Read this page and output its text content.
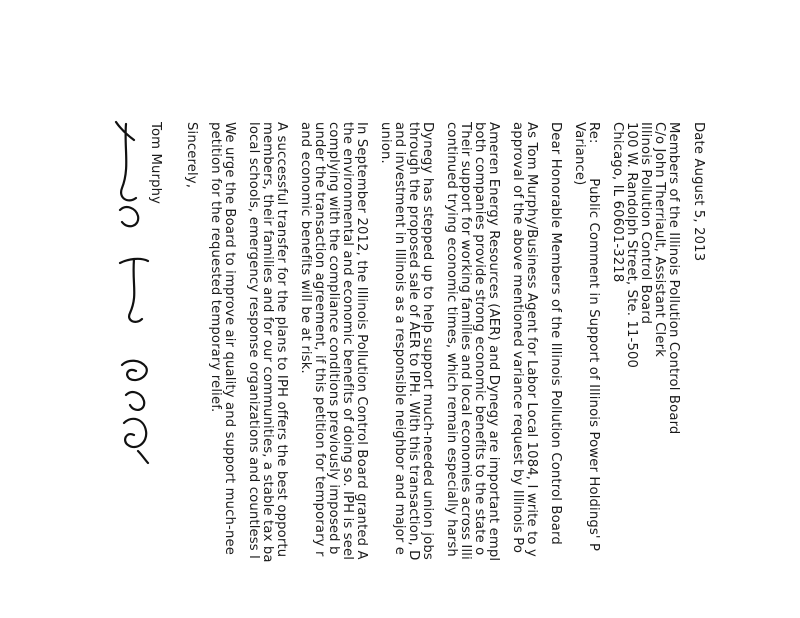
Date August 5, 2013
Members of the Illinois Pollution Control Board
C/o John Therriault, Assistant Clerk
Illinois Pollution Control Board
100 W. Randolph Street, Ste. 11-500
Chicago, IL 60601-3218
Re:  Public Comment in Support of Illinois Power Holdings' P
Variance)
Dear Honorable Members of the Illinois Pollution Control Board
As Tom Murphy/Business Agent for Labor Local 1084, I write to y
approval of the above mentioned variance request by Illinois Po
Ameren Energy Resources (AER) and Dynegy are important empl
both companies provide strong economic benefits to the state o
Their support for working families and local economies across Illi
continued trying economic times, which remain especially harsh
Dynegy has stepped up to help support much-needed union jobs
through the proposed sale of AER to IPH. With this transaction, D
and investment in Illinois as a responsible neighbor and major e
union.
In September 2012, the Illinois Pollution Control Board granted A
the environmental and economic benefits of doing so. IPH is seel
complying with the compliance conditions previously imposed b
under the transaction agreement, if this petition for temporary r
and economic benefits will be at risk.
A successful transfer for the plans to IPH offers the best opportu
members, their families and for our communities, a stable tax ba
local schools, emergency response organizations and countless l
We urge the Board to improve air quality and support much-nee
petition for the requested temporary relief.
Sincerely,
Tom Murphy
